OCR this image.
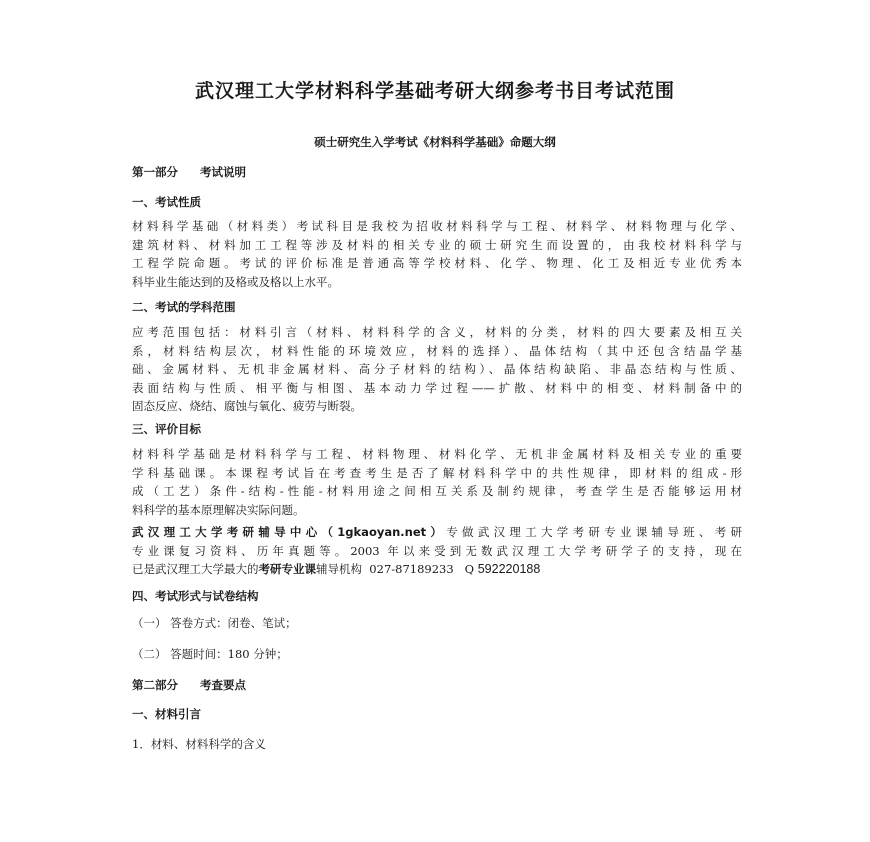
武汉理工大学材料科学基础考研大纲参考书目考试范围
硕士研究生入学考试《材料科学基础》命题大纲
第一部分 考试说明
一、考试性质
材料科学基础（材料类）考试科目是我校为招收材料科学与工程、材料学、材料物理与化学、
建筑材料、材料加工工程等涉及材料的相关专业的硕士研究生而设置的，由我校材料科学与
工程学院命题。考试的评价标准是普通高等学校材料、化学、物理、化工及相近专业优秀本
科毕业生能达到的及格或及格以上水平。
二、考试的学科范围
应考范围包括：材料引言（材料、材料科学的含义，材料的分类，材料的四大要素及相互关
系，材料结构层次，材料性能的环境效应，材料的选择）、晶体结构（其中还包含结晶学基
础、金属材料、无机非金属材料、高分子材料的结构）、晶体结构缺陷、非晶态结构与性质、
表面结构与性质、相平衡与相图、基本动力学过程——扩散、材料中的相变、材料制备中的
固态反应、烧结、腐蚀与氧化、疲劳与断裂。
三、评价目标
材料科学基础是材料科学与工程、材料物理、材料化学、无机非金属材料及相关专业的重要
学科基础课。本课程考试旨在考查考生是否了解材料科学中的共性规律，即材料的组成-形
成（工艺）条件-结构-性能-材料用途之间相互关系及制约规律，考查学生是否能够运用材
料科学的基本原理解决实际问题。
武汉理工大学考研辅导中心（1gkaoyan.net）专做武汉理工大学考研专业课辅导班、考研
专业课复习资料、历年真题等。2003 年以来受到无数武汉理工大学考研学子的支持，现在
已是武汉理工大学最大的考研专业课辅导机构  027-87189233   Q 592220188
四、考试形式与试卷结构
（一） 答卷方式：闭卷、笔试；
（二） 答题时间：180 分钟；
第二部分 考查要点
一、材料引言
1．材料、材料科学的含义
